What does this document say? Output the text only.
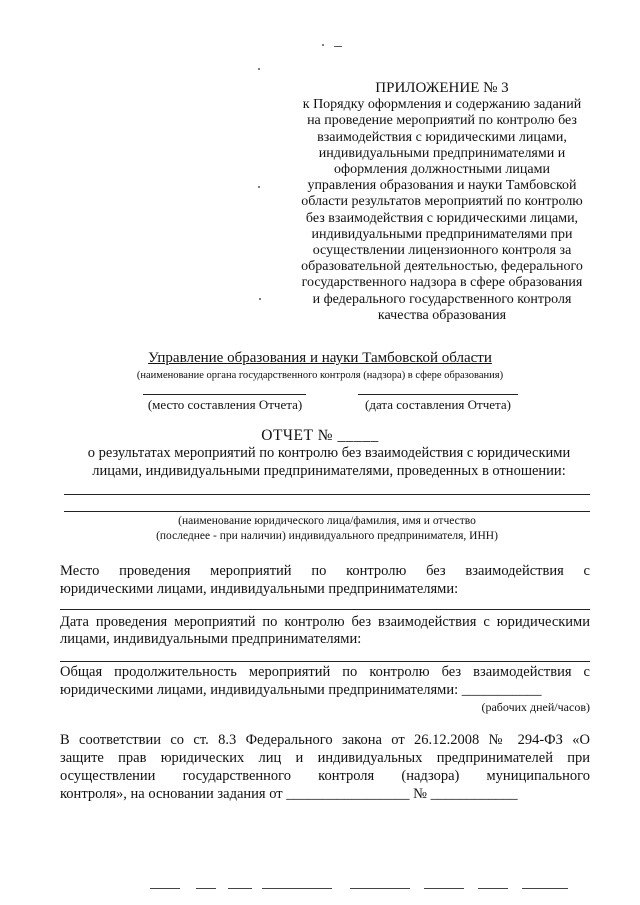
ПРИЛОЖЕНИЕ № 3
к Порядку оформления и содержанию заданий
на проведение мероприятий по контролю без
взаимодействия с юридическими лицами,
индивидуальными предпринимателями и
оформления должностными лицами
управления образования и науки Тамбовской
области результатов мероприятий по контролю
без взаимодействия с юридическими лицами,
индивидуальными предпринимателями при
осуществлении лицензионного контроля за
образовательной деятельностью, федерального
государственного надзора в сфере образования
и федерального государственного контроля
качества образования
Управление образования и науки Тамбовской области
(наименование органа государственного контроля (надзора) в сфере образования)
(место составления Отчета)	(дата составления Отчета)
ОТЧЕТ № _____
о результатах мероприятий по контролю без взаимодействия с юридическими
лицами, индивидуальными предпринимателями, проведенных в отношении:
(наименование юридического лица/фамилия, имя и отчество
(последнее - при наличии) индивидуального предпринимателя, ИНН)
Место проведения мероприятий по контролю без взаимодействия с
юридическими лицами, индивидуальными предпринимателями:
Дата проведения мероприятий по контролю без взаимодействия с юридическими
лицами, индивидуальными предпринимателями:
Общая продолжительность мероприятий по контролю без взаимодействия с
юридическими лицами, индивидуальными предпринимателями: ___________
(рабочих дней/часов)
В соответствии со ст. 8.3 Федерального закона от 26.12.2008 № 294-ФЗ «О
защите прав юридических лиц и индивидуальных предпринимателей при
осуществлении государственного контроля (надзора) муниципального
контроля», на основании задания от _________________ № ____________
